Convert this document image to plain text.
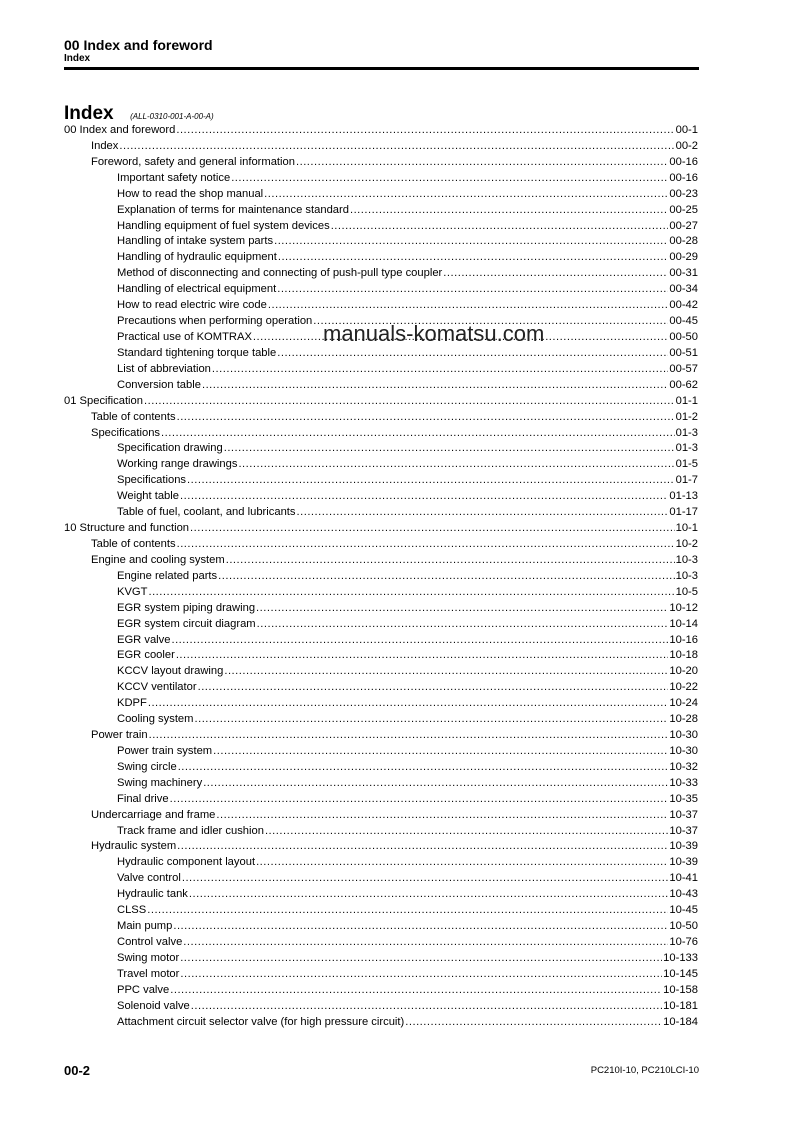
00 Index and foreword
Index
Index (ALL-0310-001-A-00-A)
00 Index and foreword .....	00-1
Index .....	00-2
Foreword, safety and general information .....	00-16
Important safety notice .....	00-16
How to read the shop manual .....	00-23
Explanation of terms for maintenance standard .....	00-25
Handling equipment of fuel system devices .....	00-27
Handling of intake system parts .....	00-28
Handling of hydraulic equipment .....	00-29
Method of disconnecting and connecting of push-pull type coupler .....	00-31
Handling of electrical equipment .....	00-34
How to read electric wire code .....	00-42
Precautions when performing operation .....	00-45
Practical use of KOMTRAX .....	00-50
Standard tightening torque table .....	00-51
List of abbreviation .....	00-57
Conversion table .....	00-62
01 Specification .....	01-1
Table of contents .....	01-2
Specifications .....	01-3
Specification drawing .....	01-3
Working range drawings .....	01-5
Specifications .....	01-7
Weight table .....	01-13
Table of fuel, coolant, and lubricants .....	01-17
10 Structure and function .....	10-1
Table of contents .....	10-2
Engine and cooling system .....	10-3
Engine related parts .....	10-3
KVGT .....	10-5
EGR system piping drawing .....	10-12
EGR system circuit diagram .....	10-14
EGR valve .....	10-16
EGR cooler .....	10-18
KCCV layout drawing .....	10-20
KCCV ventilator .....	10-22
KDPF .....	10-24
Cooling system .....	10-28
Power train .....	10-30
Power train system .....	10-30
Swing circle .....	10-32
Swing machinery .....	10-33
Final drive .....	10-35
Undercarriage and frame .....	10-37
Track frame and idler cushion .....	10-37
Hydraulic system .....	10-39
Hydraulic component layout .....	10-39
Valve control .....	10-41
Hydraulic tank .....	10-43
CLSS .....	10-45
Main pump .....	10-50
Control valve .....	10-76
Swing motor .....	10-133
Travel motor .....	10-145
PPC valve .....	10-158
Solenoid valve .....	10-181
Attachment circuit selector valve (for high pressure circuit) .....	10-184
manuals-komatsu.com
00-2	PC210I-10, PC210LCI-10
